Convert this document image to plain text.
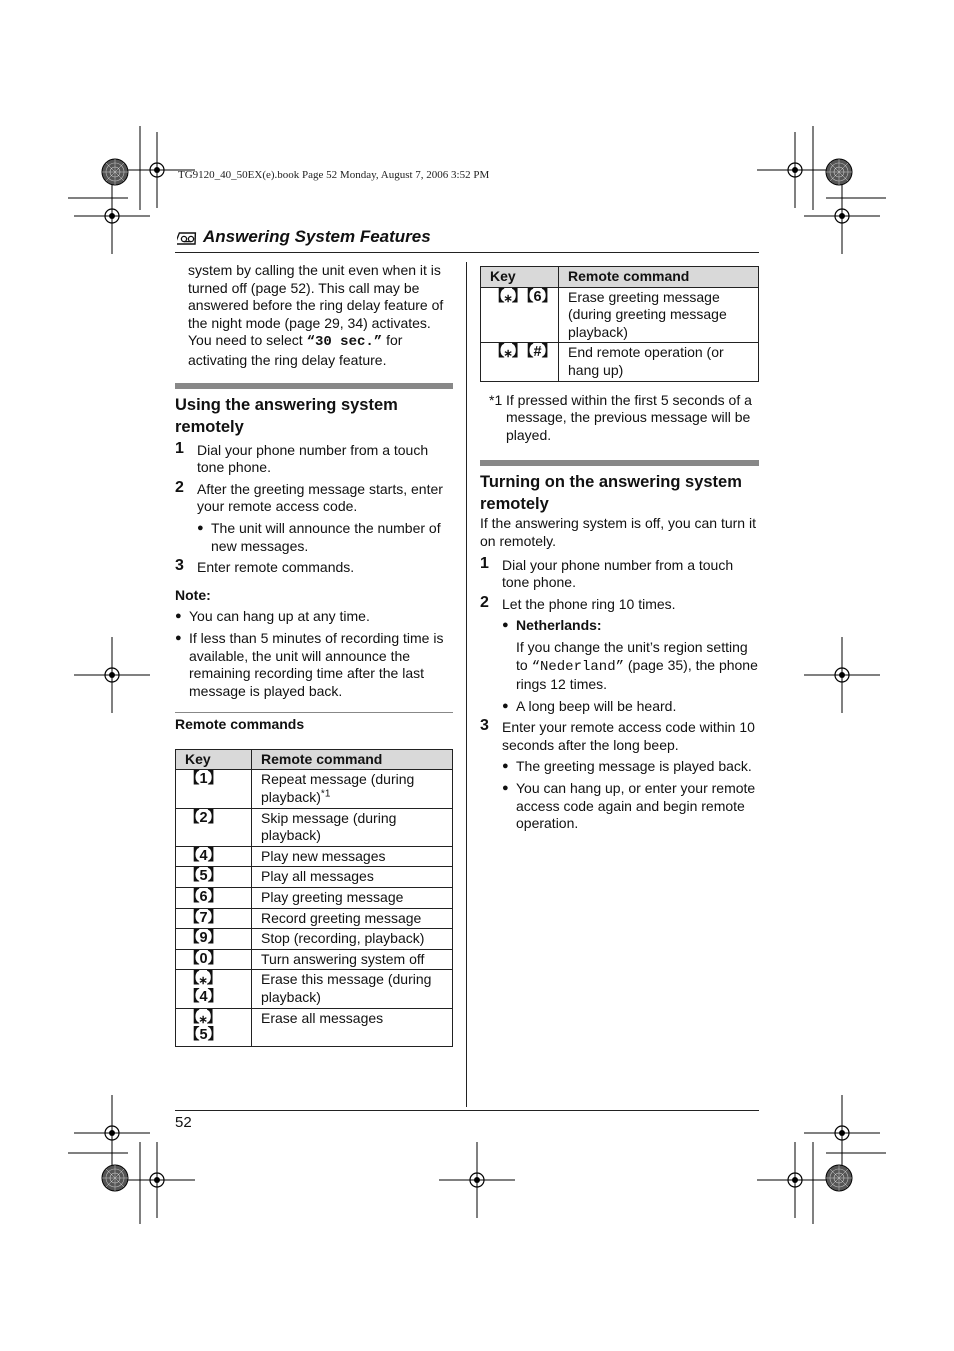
TG9120_40_50EX(e).book Page 52 Monday, August 7, 2006 3:52 PM
Answering System Features

system by calling the unit even when it is turned off (page 52). This call may be answered before the ring delay feature of the night mode (page 29, 34) activates. You need to select “30 sec.” for activating the ring delay feature.

Using the answering system remotely
1 Dial your phone number from a touch tone phone.
2 After the greeting message starts, enter your remote access code.
● The unit will announce the number of new messages.
3 Enter remote commands.
Note:
● You can hang up at any time.
● If less than 5 minutes of recording time is available, the unit will announce the remaining recording time after the last message is played back.
Remote commands
Key	Remote command
【1】	Repeat message (during playback)$^{*1}$
【2】	Skip message (during playback)
【4】	Play new messages
【5】	Play all messages
【6】	Play greeting message
【7】	Record greeting message
【9】	Stop (recording, playback)
【0】	Turn answering system off
【⁎】【4】	Erase this message (during playback)
【⁎】【5】	Erase all messages
Key	Remote command
【⁎】【6】	Erase greeting message (during greeting message playback)
【⁎】【#】	End remote operation (or hang up)
*1 If pressed within the first 5 seconds of a message, the previous message will be played.
Turning on the answering system remotely

If the answering system is off, you can turn it on remotely.

1 Dial your phone number from a touch tone phone.
2 Let the phone ring 10 times.
● Netherlands:
If you change the unit’s region setting to “Nederland” (page 35), the phone rings 12 times.
● A long beep will be heard.
3 Enter your remote access code within 10 seconds after the long beep.
● The greeting message is played back.
● You can hang up, or enter your remote access code again and begin remote operation.
52
